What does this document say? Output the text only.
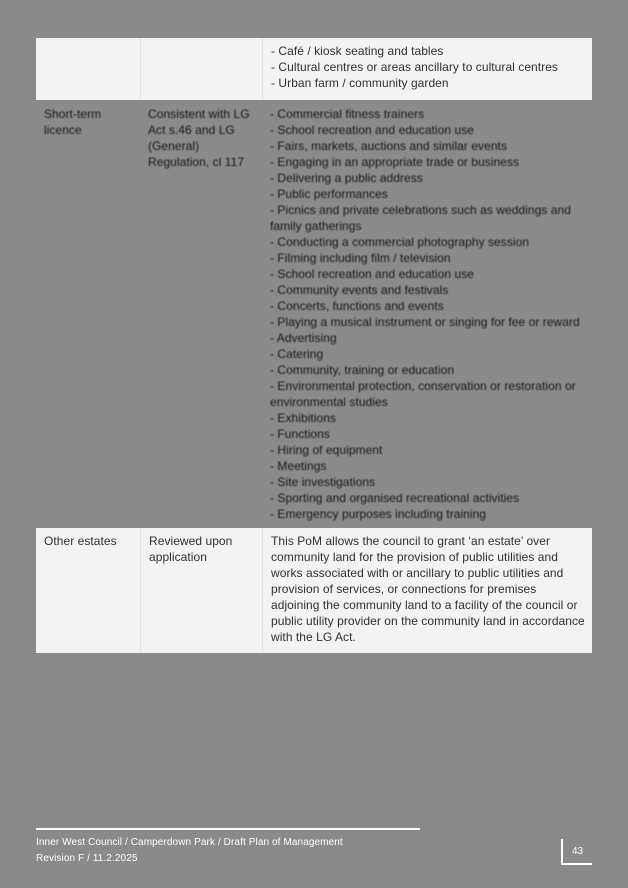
- Café / kiosk seating and tables
- Cultural centres or areas ancillary to cultural centres
- Urban farm / community garden
Short-term licence
Consistent with LG Act s.46 and LG (General) Regulation, cl 117
- Commercial fitness trainers
- School recreation and education use
- Fairs, markets, auctions and similar events
- Engaging in an appropriate trade or business
- Delivering a public address
- Public performances
- Picnics and private celebrations such as weddings and family gatherings
- Conducting a commercial photography session
- Filming including film / television
- School recreation and education use
- Community events and festivals
- Concerts, functions and events
- Playing a musical instrument or singing for fee or reward
- Advertising
- Catering
- Community, training or education
- Environmental protection, conservation or restoration or environmental studies
- Exhibitions
- Functions
- Hiring of equipment
- Meetings
- Site investigations
- Sporting and organised recreational activities
- Emergency purposes including training
Other estates	Reviewed upon application
This PoM allows the council to grant ‘an estate’ over community land for the provision of public utilities and works associated with or ancillary to public utilities and provision of services, or connections for premises adjoining the community land to a facility of the council or public utility provider on the community land in accordance with the LG Act.
Inner West Council / Camperdown Park / Draft Plan of Management
Revision F / 11.2.2025
43
